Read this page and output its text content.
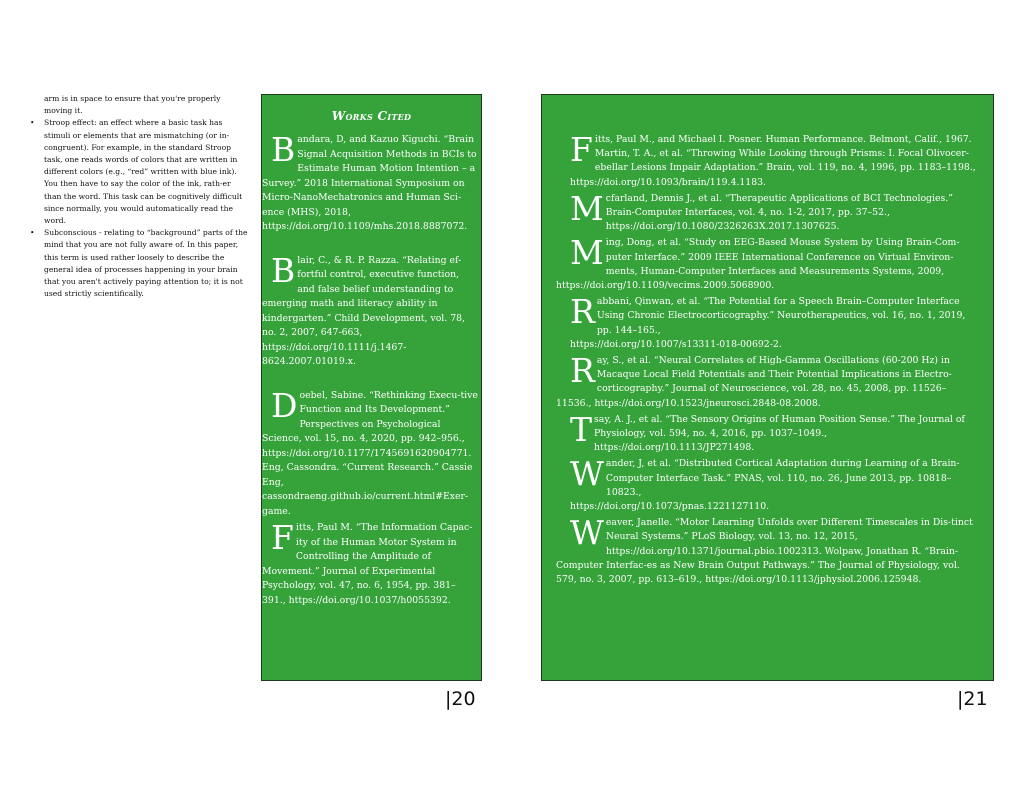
arm is in space to ensure that you're properly moving it.
• Stroop effect: an effect where a basic task has stimuli or elements that are mismatching (or in-congruent). For example, in the standard Stroop task, one reads words of colors that are written in different colors (e.g., “red” written with blue ink). You then have to say the color of the ink, rath-er than the word. This task can be cognitively difficult since normally, you would automatically read the word.
• Subconscious - relating to “background” parts of the mind that you are not fully aware of. In this paper, this term is used rather loosely to describe the general idea of processes happening in your brain that you aren't actively paying attention to; it is not used strictly scientifically.
Works Cited
B andara, D, and Kazuo Kiguchi. “Brain Signal Acquisition Methods in BCIs to Estimate Human Motion Intention – a Survey.” 2018 International Symposium on Micro-NanoMechatronics and Human Sci-ence (MHS), 2018, https://doi.org/10.1109/mhs.2018.8887072.
B lair, C., & R. P. Razza. “Relating ef-fortful control, executive function, and false belief understanding to emerging math and literacy ability in kindergarten.” Child Development, vol. 78, no. 2, 2007, 647-663, https://doi.org/10.1111/j.1467-8624.2007.01019.x.
D oebel, Sabine. “Rethinking Execu-tive Function and Its Development.” Perspectives on Psychological Science, vol. 15, no. 4, 2020, pp. 942–956., https://doi.org/10.1177/1745691620904771. Eng, Cassondra. “Current Research.” Cassie Eng, cassondraeng.github.io/current.html#Exer-game.
F itts, Paul M. “The Information Capac-ity of the Human Motor System in Controlling the Amplitude of Movement.” Journal of Experimental Psychology, vol. 47, no. 6, 1954, pp. 381–391., https://doi.org/10.1037/h0055392.
F itts, Paul M., and Michael I. Posner. Human Performance. Belmont, Calif., 1967. Martin, T. A., et al. “Throwing While Looking through Prisms: I. Focal Olivocer-ebellar Lesions Impair Adaptation.” Brain, vol. 119, no. 4, 1996, pp. 1183–1198.,
https://doi.org/10.1093/brain/119.4.1183.
M cfarland, Dennis J., et al. “Therapeutic Applications of BCI Technologies.” Brain-Computer Interfaces, vol. 4, no. 1-2, 2017, pp. 37–52., https://doi.org/10.1080/2326263X.2017.1307625.
M ing, Dong, et al. “Study on EEG-Based Mouse System by Using Brain-Com-puter Interface.” 2009 IEEE International Conference on Virtual Environ-ments, Human-Computer Interfaces and Measurements Systems, 2009, https://doi.org/10.1109/vecims.2009.5068900.
R abbani, Qinwan, et al. “The Potential for a Speech Brain–Computer Interface Using Chronic Electrocorticography.” Neurotherapeutics, vol. 16, no. 1, 2019, pp. 144–165.,
https://doi.org/10.1007/s13311-018-00692-2.
R ay, S., et al. “Neural Correlates of High-Gamma Oscillations (60-200 Hz) in Macaque Local Field Potentials and Their Potential Implications in Electro-corticography.” Journal of Neuroscience, vol. 28, no. 45, 2008, pp. 11526–11536., https://doi.org/10.1523/jneurosci.2848-08.2008.
T say, A. J., et al. “The Sensory Origins of Human Position Sense.” The Journal of Physiology, vol. 594, no. 4, 2016, pp. 1037–1049., https://doi.org/10.1113/JP271498.
W ander, J, et al. “Distributed Cortical Adaptation during Learning of a Brain-Computer Interface Task.” PNAS, vol. 110, no. 26, June 2013, pp. 10818–10823.,
https://doi.org/10.1073/pnas.1221127110.
W eaver, Janelle. “Motor Learning Unfolds over Different Timescales in Dis-tinct Neural Systems.” PLoS Biology, vol. 13, no. 12, 2015, https://doi.org/10.1371/journal.pbio.1002313. Wolpaw, Jonathan R. “Brain-Computer Interfac-es as New Brain Output Pathways.” The Journal of Physiology, vol. 579, no. 3, 2007, pp. 613–619., https://doi.org/10.1113/jphysiol.2006.125948.
|20	|21
